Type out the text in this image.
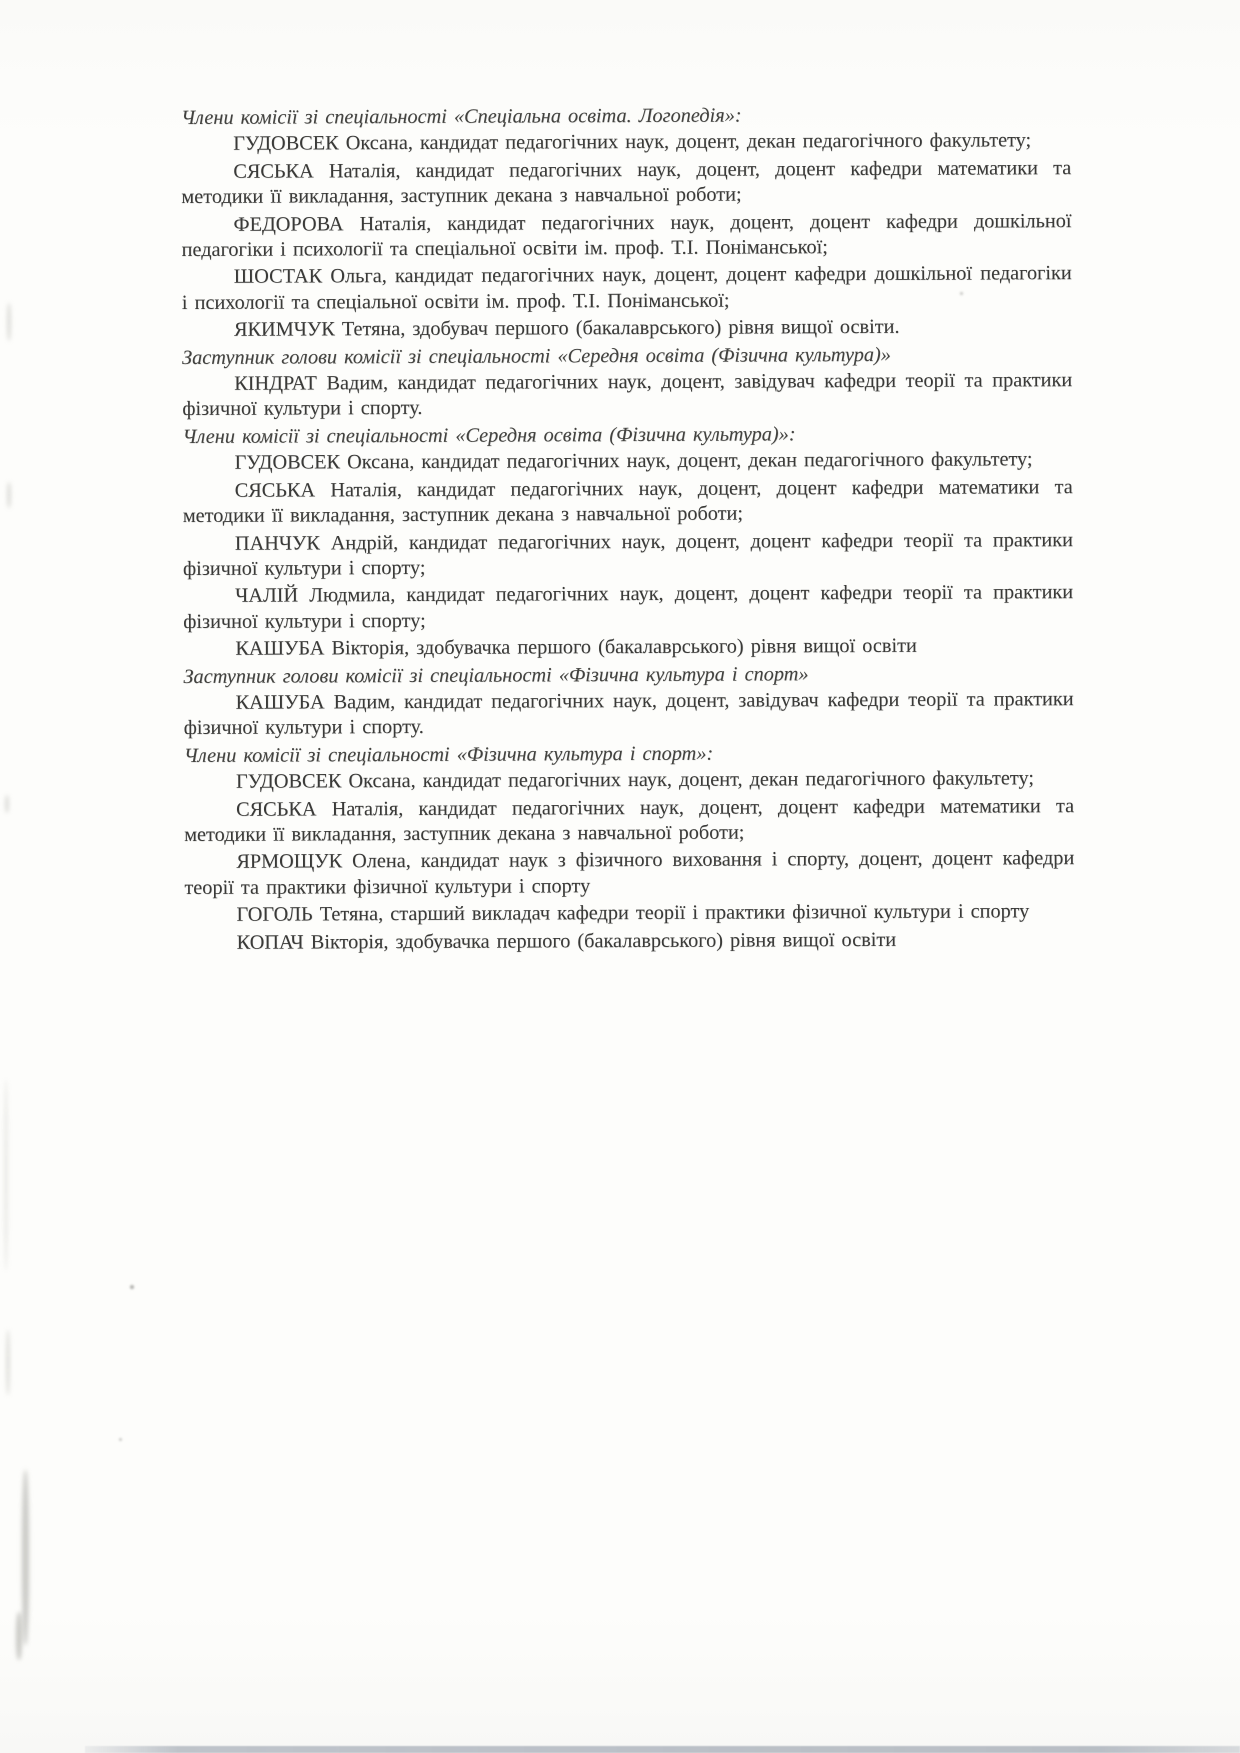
Члени комісії зі спеціальності «Спеціальна освіта. Логопедія»:

ГУДОВСЕК Оксана, кандидат педагогічних наук, доцент, декан педагогічного факультету;

СЯСЬКА Наталія, кандидат педагогічних наук, доцент, доцент кафедри математики та методики її викладання, заступник декана з навчальної роботи;

ФЕДОРОВА Наталія, кандидат педагогічних наук, доцент, доцент кафедри дошкільної педагогіки і психології та спеціальної освіти ім. проф. Т.І. Поніманської;

ШОСТАК Ольга, кандидат педагогічних наук, доцент, доцент кафедри дошкільної педагогіки і психології та спеціальної освіти ім. проф. Т.І. Поніманської;

ЯКИМЧУК Тетяна, здобувач першого (бакалаврського) рівня вищої освіти.

Заступник голови комісії зі спеціальності «Середня освіта (Фізична культура)»

КІНДРАТ Вадим, кандидат педагогічних наук, доцент, завідувач кафедри теорії та практики фізичної культури і спорту.

Члени комісії зі спеціальності «Середня освіта (Фізична культура)»:

ГУДОВСЕК Оксана, кандидат педагогічних наук, доцент, декан педагогічного факультету;

СЯСЬКА Наталія, кандидат педагогічних наук, доцент, доцент кафедри математики та методики її викладання, заступник декана з навчальної роботи;

ПАНЧУК Андрій, кандидат педагогічних наук, доцент, доцент кафедри теорії та практики фізичної культури і спорту;

ЧАЛІЙ Людмила, кандидат педагогічних наук, доцент, доцент кафедри теорії та практики фізичної культури і спорту;

КАШУБА Вікторія, здобувачка першого (бакалаврського) рівня вищої освіти

Заступник голови комісії зі спеціальності «Фізична культура і спорт»

КАШУБА Вадим, кандидат педагогічних наук, доцент, завідувач кафедри теорії та практики фізичної культури і спорту.

Члени комісії зі спеціальності «Фізична культура і спорт»:

ГУДОВСЕК Оксана, кандидат педагогічних наук, доцент, декан педагогічного факультету;

СЯСЬКА Наталія, кандидат педагогічних наук, доцент, доцент кафедри математики та методики її викладання, заступник декана з навчальної роботи;

ЯРМОЩУК Олена, кандидат наук з фізичного виховання і спорту, доцент, доцент кафедри теорії та практики фізичної культури і спорту

ГОГОЛЬ Тетяна, старший викладач кафедри теорії і практики фізичної культури і спорту

КОПАЧ Вікторія, здобувачка першого (бакалаврського) рівня вищої освіти
